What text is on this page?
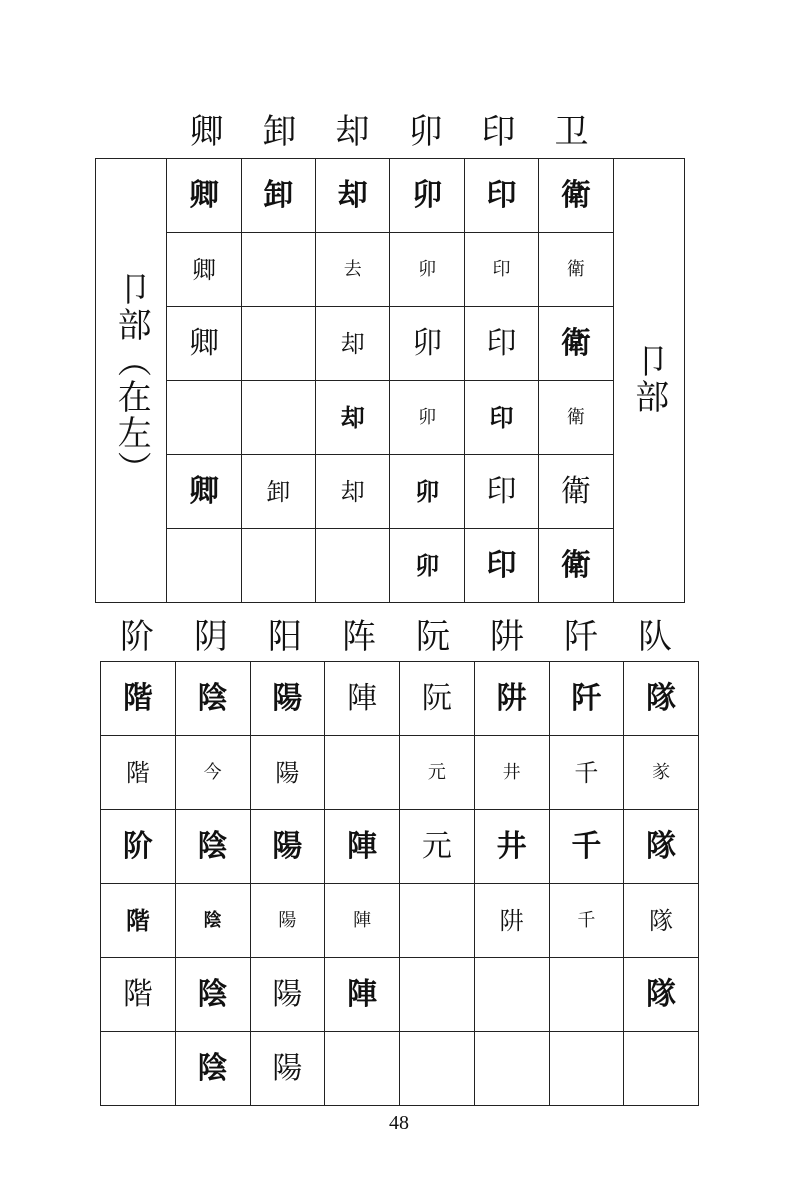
卿	卸	却	卯	印	卫
卩部（在左）	卿	卸	却	卯	印	衛	卩部
	卿		去	卯	印	衛	
	卿		却	卯	印	衛	
			却	卯	印	衛	
	卿	卸	却	卯	印	衛	
				卯	印	衛	
阶	阴	阳	阵	阮	阱	阡	队
階	陰	陽	陣	阮	阱	阡	隊
階	今	陽		元	井	千	㒸
阶	陰	陽	陣	元	井	千	隊
階	陰	陽	陣		阱	千	隊
階	陰	陽	陣				隊
	陰	陽					
48
